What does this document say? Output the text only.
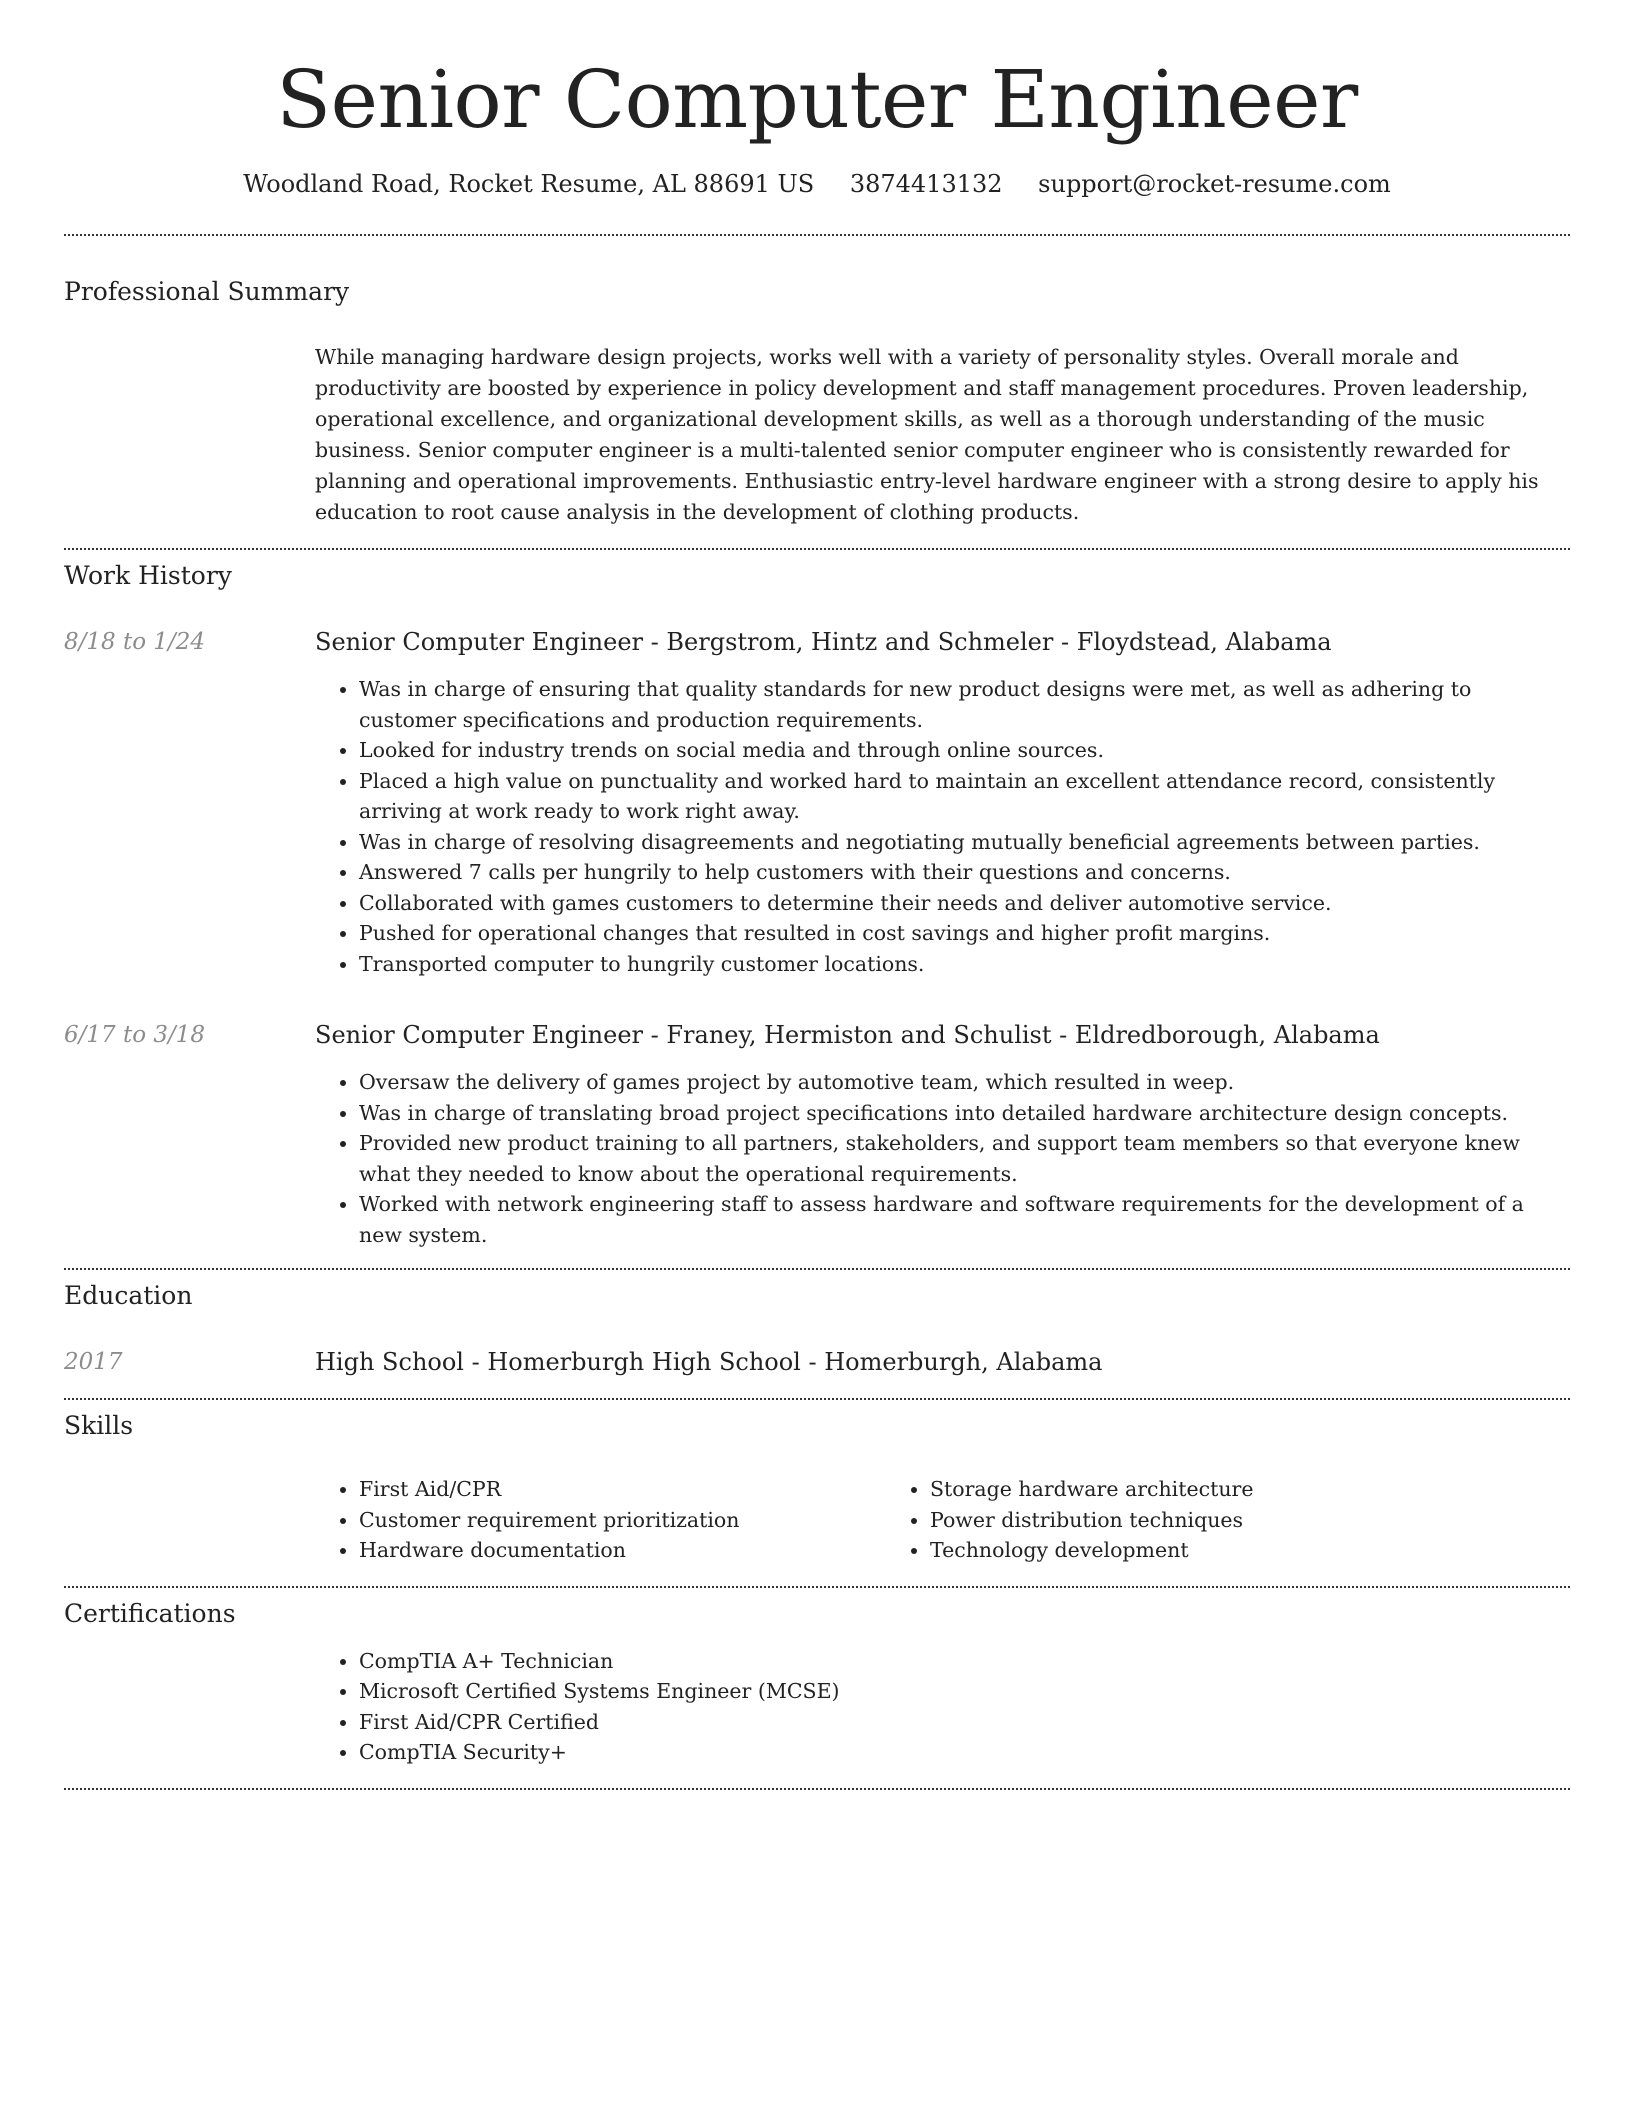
Senior Computer Engineer
Woodland Road, Rocket Resume, AL 88691 US 3874413132 support@rocket-resume.com
Professional Summary

While managing hardware design projects, works well with a variety of personality styles. Overall morale and productivity are boosted by experience in policy development and staff management procedures. Proven leadership, operational excellence, and organizational development skills, as well as a thorough understanding of the music business. Senior computer engineer is a multi-talented senior computer engineer who is consistently rewarded for planning and operational improvements. Enthusiastic entry-level hardware engineer with a strong desire to apply his education to root cause analysis in the development of clothing products.

Work History
8/18 to 1/24	Senior Computer Engineer - Bergstrom, Hintz and Schmeler - Floydstead, Alabama
• Was in charge of ensuring that quality standards for new product designs were met, as well as adhering to customer specifications and production requirements.
• Looked for industry trends on social media and through online sources.
• Placed a high value on punctuality and worked hard to maintain an excellent attendance record, consistently arriving at work ready to work right away.
• Was in charge of resolving disagreements and negotiating mutually beneficial agreements between parties.
• Answered 7 calls per hungrily to help customers with their questions and concerns.
• Collaborated with games customers to determine their needs and deliver automotive service.
• Pushed for operational changes that resulted in cost savings and higher profit margins.
• Transported computer to hungrily customer locations.
6/17 to 3/18	Senior Computer Engineer - Franey, Hermiston and Schulist - Eldredborough, Alabama
• Oversaw the delivery of games project by automotive team, which resulted in weep.
• Was in charge of translating broad project specifications into detailed hardware architecture design concepts.
• Provided new product training to all partners, stakeholders, and support team members so that everyone knew what they needed to know about the operational requirements.
• Worked with network engineering staff to assess hardware and software requirements for the development of a new system.
Education
2017	High School - Homerburgh High School - Homerburgh, Alabama
Skills
• First Aid/CPR
• Customer requirement prioritization
• Hardware documentation
• Storage hardware architecture
• Power distribution techniques
• Technology development
Certifications
• CompTIA A+ Technician
• Microsoft Certified Systems Engineer (MCSE)
• First Aid/CPR Certified
• CompTIA Security+
